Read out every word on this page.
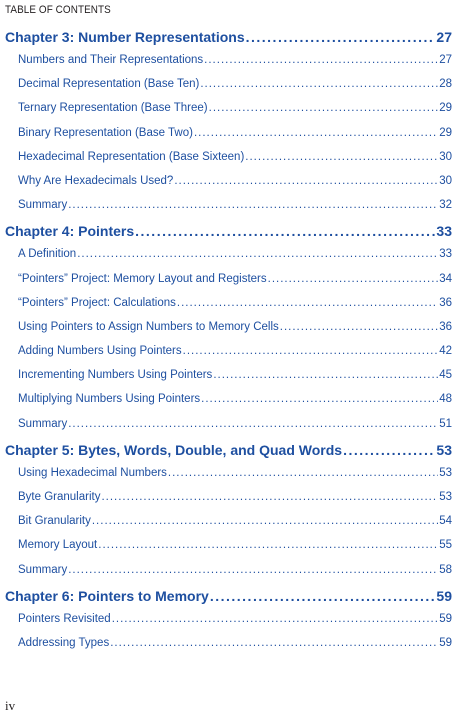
TABLE OF CONTENTS
Chapter 3: Number Representations .....	27
Numbers and Their Representations .....	27
Decimal Representation (Base Ten) .....	28
Ternary Representation (Base Three) .....	29
Binary Representation (Base Two) .....	29
Hexadecimal Representation (Base Sixteen) .....	30
Why Are Hexadecimals Used? .....	30
Summary .....	32
Chapter 4: Pointers .....	33
A Definition .....	33
“Pointers” Project: Memory Layout and Registers .....	34
“Pointers” Project: Calculations .....	36
Using Pointers to Assign Numbers to Memory Cells .....	36
Adding Numbers Using Pointers .....	42
Incrementing Numbers Using Pointers .....	45
Multiplying Numbers Using Pointers .....	48
Summary .....	51
Chapter 5: Bytes, Words, Double, and Quad Words .....	53
Using Hexadecimal Numbers .....	53
Byte Granularity .....	53
Bit Granularity .....	54
Memory Layout .....	55
Summary .....	58
Chapter 6: Pointers to Memory .....	59
Pointers Revisited .....	59
Addressing Types .....	59
iv
